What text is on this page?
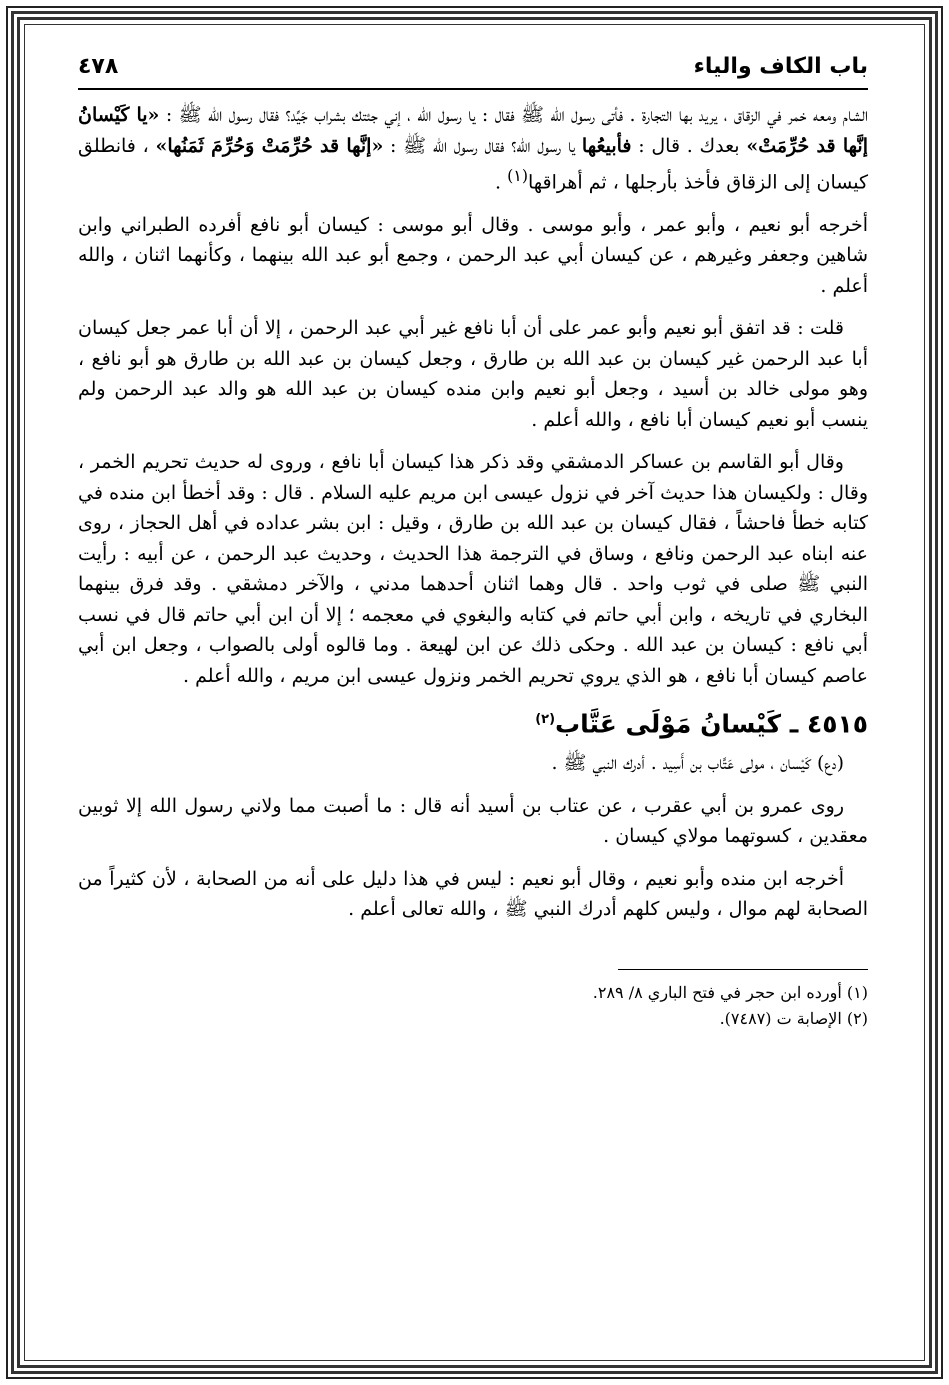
باب الكاف والياء
٤٧٨

الشام ومعه خمر في الزقاق ، يريد بها التجارة . فأتى رسول الله ﷺ فقال : يا رسول الله ، إني جئتك بشراب جَيِّد؟ فقال رسول الله ﷺ : «يا كَيْسانُ إنَّها قد حُرِّمَتْ» بعدك . قال : فأبيعُها يا رسول الله؟ فقال رسول الله ﷺ : «إنَّها قد حُرِّمَتْ وَحُرِّمَ ثَمَنُها» ، فانطلق كيسان إلى الزقاق فأخذ بأرجلها ، ثم أهراقها$^{(١)}$ .

أخرجه أبو نعيم ، وأبو عمر ، وأبو موسى . وقال أبو موسى : كيسان أبو نافع أفرده الطبراني وابن شاهين وجعفر وغيرهم ، عن كيسان أبي عبد الرحمن ، وجمع أبو عبد الله بينهما ، وكأنهما اثنان ، والله أعلم .

قلت : قد اتفق أبو نعيم وأبو عمر على أن أبا نافع غير أبي عبد الرحمن ، إلا أن أبا عمر جعل كيسان أبا عبد الرحمن غير كيسان بن عبد الله بن طارق ، وجعل كيسان بن عبد الله بن طارق هو أبو نافع ، وهو مولى خالد بن أسيد ، وجعل أبو نعيم وابن منده كيسان بن عبد الله هو والد عبد الرحمن ولم ينسب أبو نعيم كيسان أبا نافع ، والله أعلم .

وقال أبو القاسم بن عساكر الدمشقي وقد ذكر هذا كيسان أبا نافع ، وروى له حديث تحريم الخمر ، وقال : ولكيسان هذا حديث آخر في نزول عيسى ابن مريم عليه السلام . قال : وقد أخطأ ابن منده في كتابه خطأ فاحشاً ، فقال كيسان بن عبد الله بن طارق ، وقيل : ابن بشر عداده في أهل الحجاز ، روى عنه ابناه عبد الرحمن ونافع ، وساق في الترجمة هذا الحديث ، وحديث عبد الرحمن ، عن أبيه : رأيت النبي ﷺ صلى في ثوب واحد . قال وهما اثنان أحدهما مدني ، والآخر دمشقي . وقد فرق بينهما البخاري في تاريخه ، وابن أبي حاتم في كتابه والبغوي في معجمه ؛ إلا أن ابن أبي حاتم قال في نسب أبي نافع : كيسان بن عبد الله . وحكى ذلك عن ابن لهيعة . وما قالوه أولى بالصواب ، وجعل ابن أبي عاصم كيسان أبا نافع ، هو الذي يروي تحريم الخمر ونزول عيسى ابن مريم ، والله أعلم .

٤٥١٥ ـ كَيْسانُ مَوْلَى عَتَّاب$^{(٢)}$

(دع) كَيْسان ، مولى عَتَّاب بن أَسِيد . أدرك النبي ﷺ .

روى عمرو بن أبي عقرب ، عن عتاب بن أسيد أنه قال : ما أصبت مما ولاني رسول الله إلا ثوبين معقدين ، كسوتهما مولاي كيسان .

أخرجه ابن منده وأبو نعيم ، وقال أبو نعيم : ليس في هذا دليل على أنه من الصحابة ، لأن كثيراً من الصحابة لهم موال ، وليس كلهم أدرك النبي ﷺ ، والله تعالى أعلم .

(١) أورده ابن حجر في فتح الباري ٨/ ٢٨٩.

(٢) الإصابة ت (٧٤٨٧).
